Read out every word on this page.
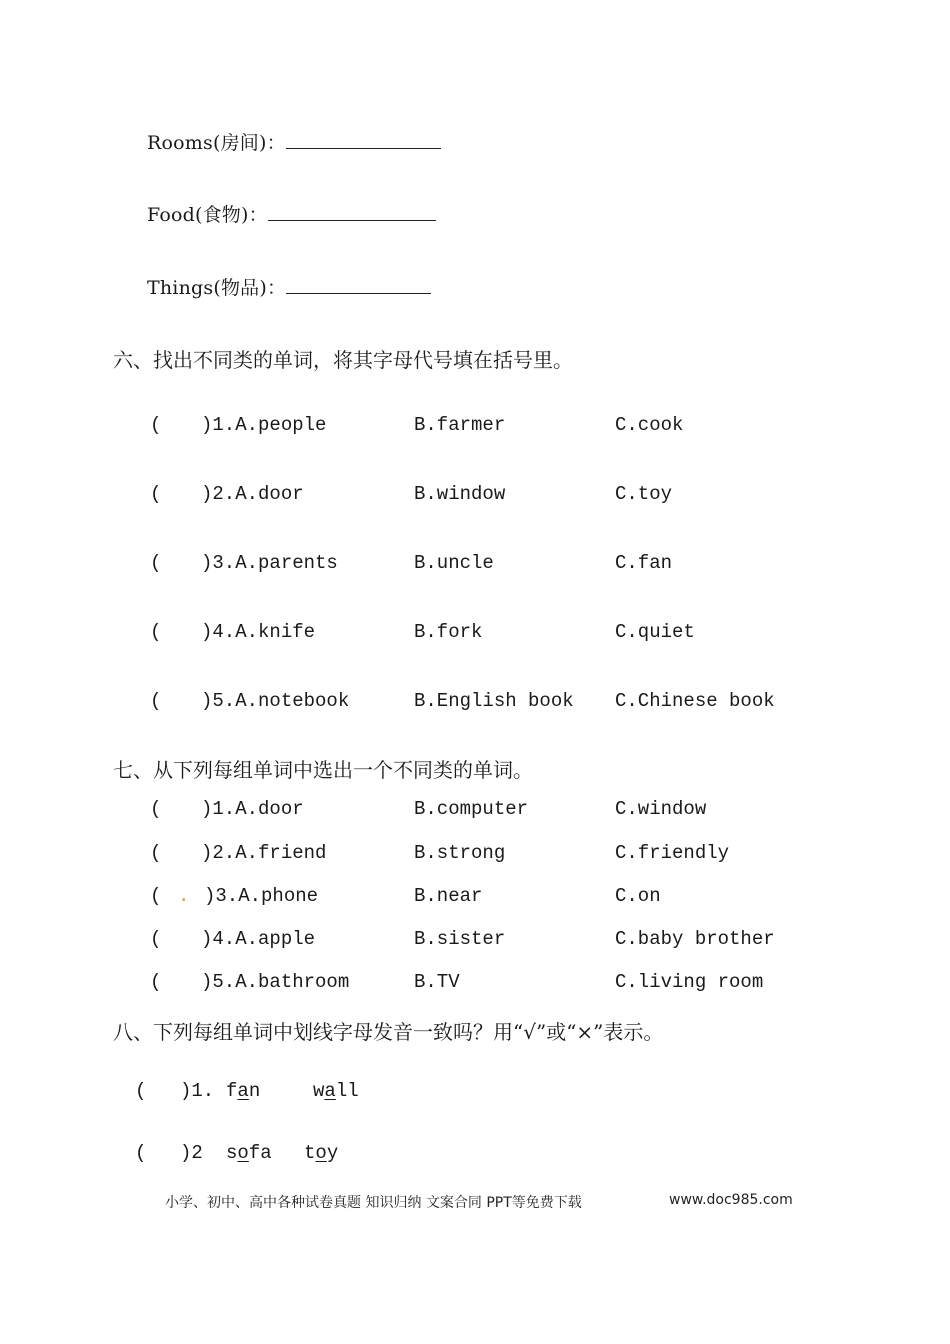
Rooms(房间)：
Food(食物)：
Things(物品)：
六、找出不同类的单词，将其字母代号填在括号里。
( )1.A.people	B.farmer	C.cook
( )2.A.door	B.window	C.toy
( )3.A.parents	B.uncle	C.fan
( )4.A.knife	B.fork	C.quiet
( )5.A.notebook	B.English book C.Chinese book
七、从下列每组单词中选出一个不同类的单词。
( )1.A.door	B.computer	C.window
( )2.A.friend	B.strong	C.friendly
( . )3.A.phone	B.near	C.on
( )4.A.apple	B.sister	C.baby brother
( )5.A.bathroom	B.TV	C.living room
八、下列每组单词中划线字母发音一致吗？用“√”或“×”表示。
( )1. fan	wall
( )2 sofa toy
小学、初中、高中各种试卷真题 知识归纳 文案合同 PPT等免费下载	www.doc985.com
